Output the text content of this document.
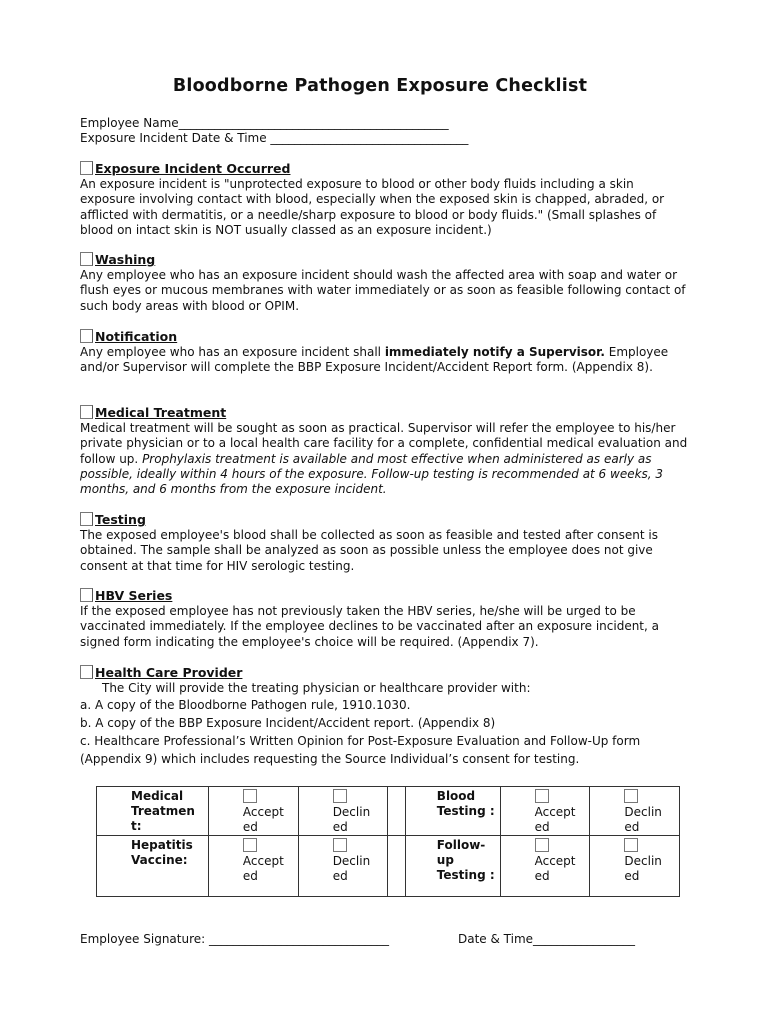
Bloodborne Pathogen Exposure Checklist
Employee Name_____________________________________________
Exposure Incident Date & Time _________________________________
Exposure Incident Occurred

An exposure incident is "unprotected exposure to blood or other body fluids including a skin exposure involving contact with blood, especially when the exposed skin is chapped, abraded, or afflicted with dermatitis, or a needle/sharp exposure to blood or body fluids." (Small splashes of blood on intact skin is NOT usually classed as an exposure incident.)

Washing

Any employee who has an exposure incident should wash the affected area with soap and water or flush eyes or mucous membranes with water immediately or as soon as feasible following contact of such body areas with blood or OPIM.

Notification

Any employee who has an exposure incident shall immediately notify a Supervisor. Employee and/or Supervisor will complete the BBP Exposure Incident/Accident Report form. (Appendix 8).

Medical Treatment

Medical treatment will be sought as soon as practical. Supervisor will refer the employee to his/her private physician or to a local health care facility for a complete, confidential medical evaluation and follow up. Prophylaxis treatment is available and most effective when administered as early as possible, ideally within 4 hours of the exposure. Follow-up testing is recommended at 6 weeks, 3 months, and 6 months from the exposure incident.

Testing

The exposed employee's blood shall be collected as soon as feasible and tested after consent is obtained. The sample shall be analyzed as soon as possible unless the employee does not give consent at that time for HIV serologic testing.

HBV Series

If the exposed employee has not previously taken the HBV series, he/she will be urged to be vaccinated immediately. If the employee declines to be vaccinated after an exposure incident, a signed form indicating the employee's choice will be required. (Appendix 7).

Health Care Provider
The City will provide the treating physician or healthcare provider with:
a. A copy of the Bloodborne Pathogen rule, 1910.1030.
b. A copy of the BBP Exposure Incident/Accident report. (Appendix 8)
c. Healthcare Professional’s Written Opinion for Post-Exposure Evaluation and Follow-Up form
(Appendix 9) which includes requesting the Source Individual’s consent for testing.
Medical Treatmen t:	Accept ed	Declin ed		Blood Testing :	Accept ed	Declin ed
Hepatitis Vaccine:	Accept ed	Declin ed		Follow- up Testing :	Accept ed	Declin ed
Employee Signature: ______________________________	Date & Time_________________
